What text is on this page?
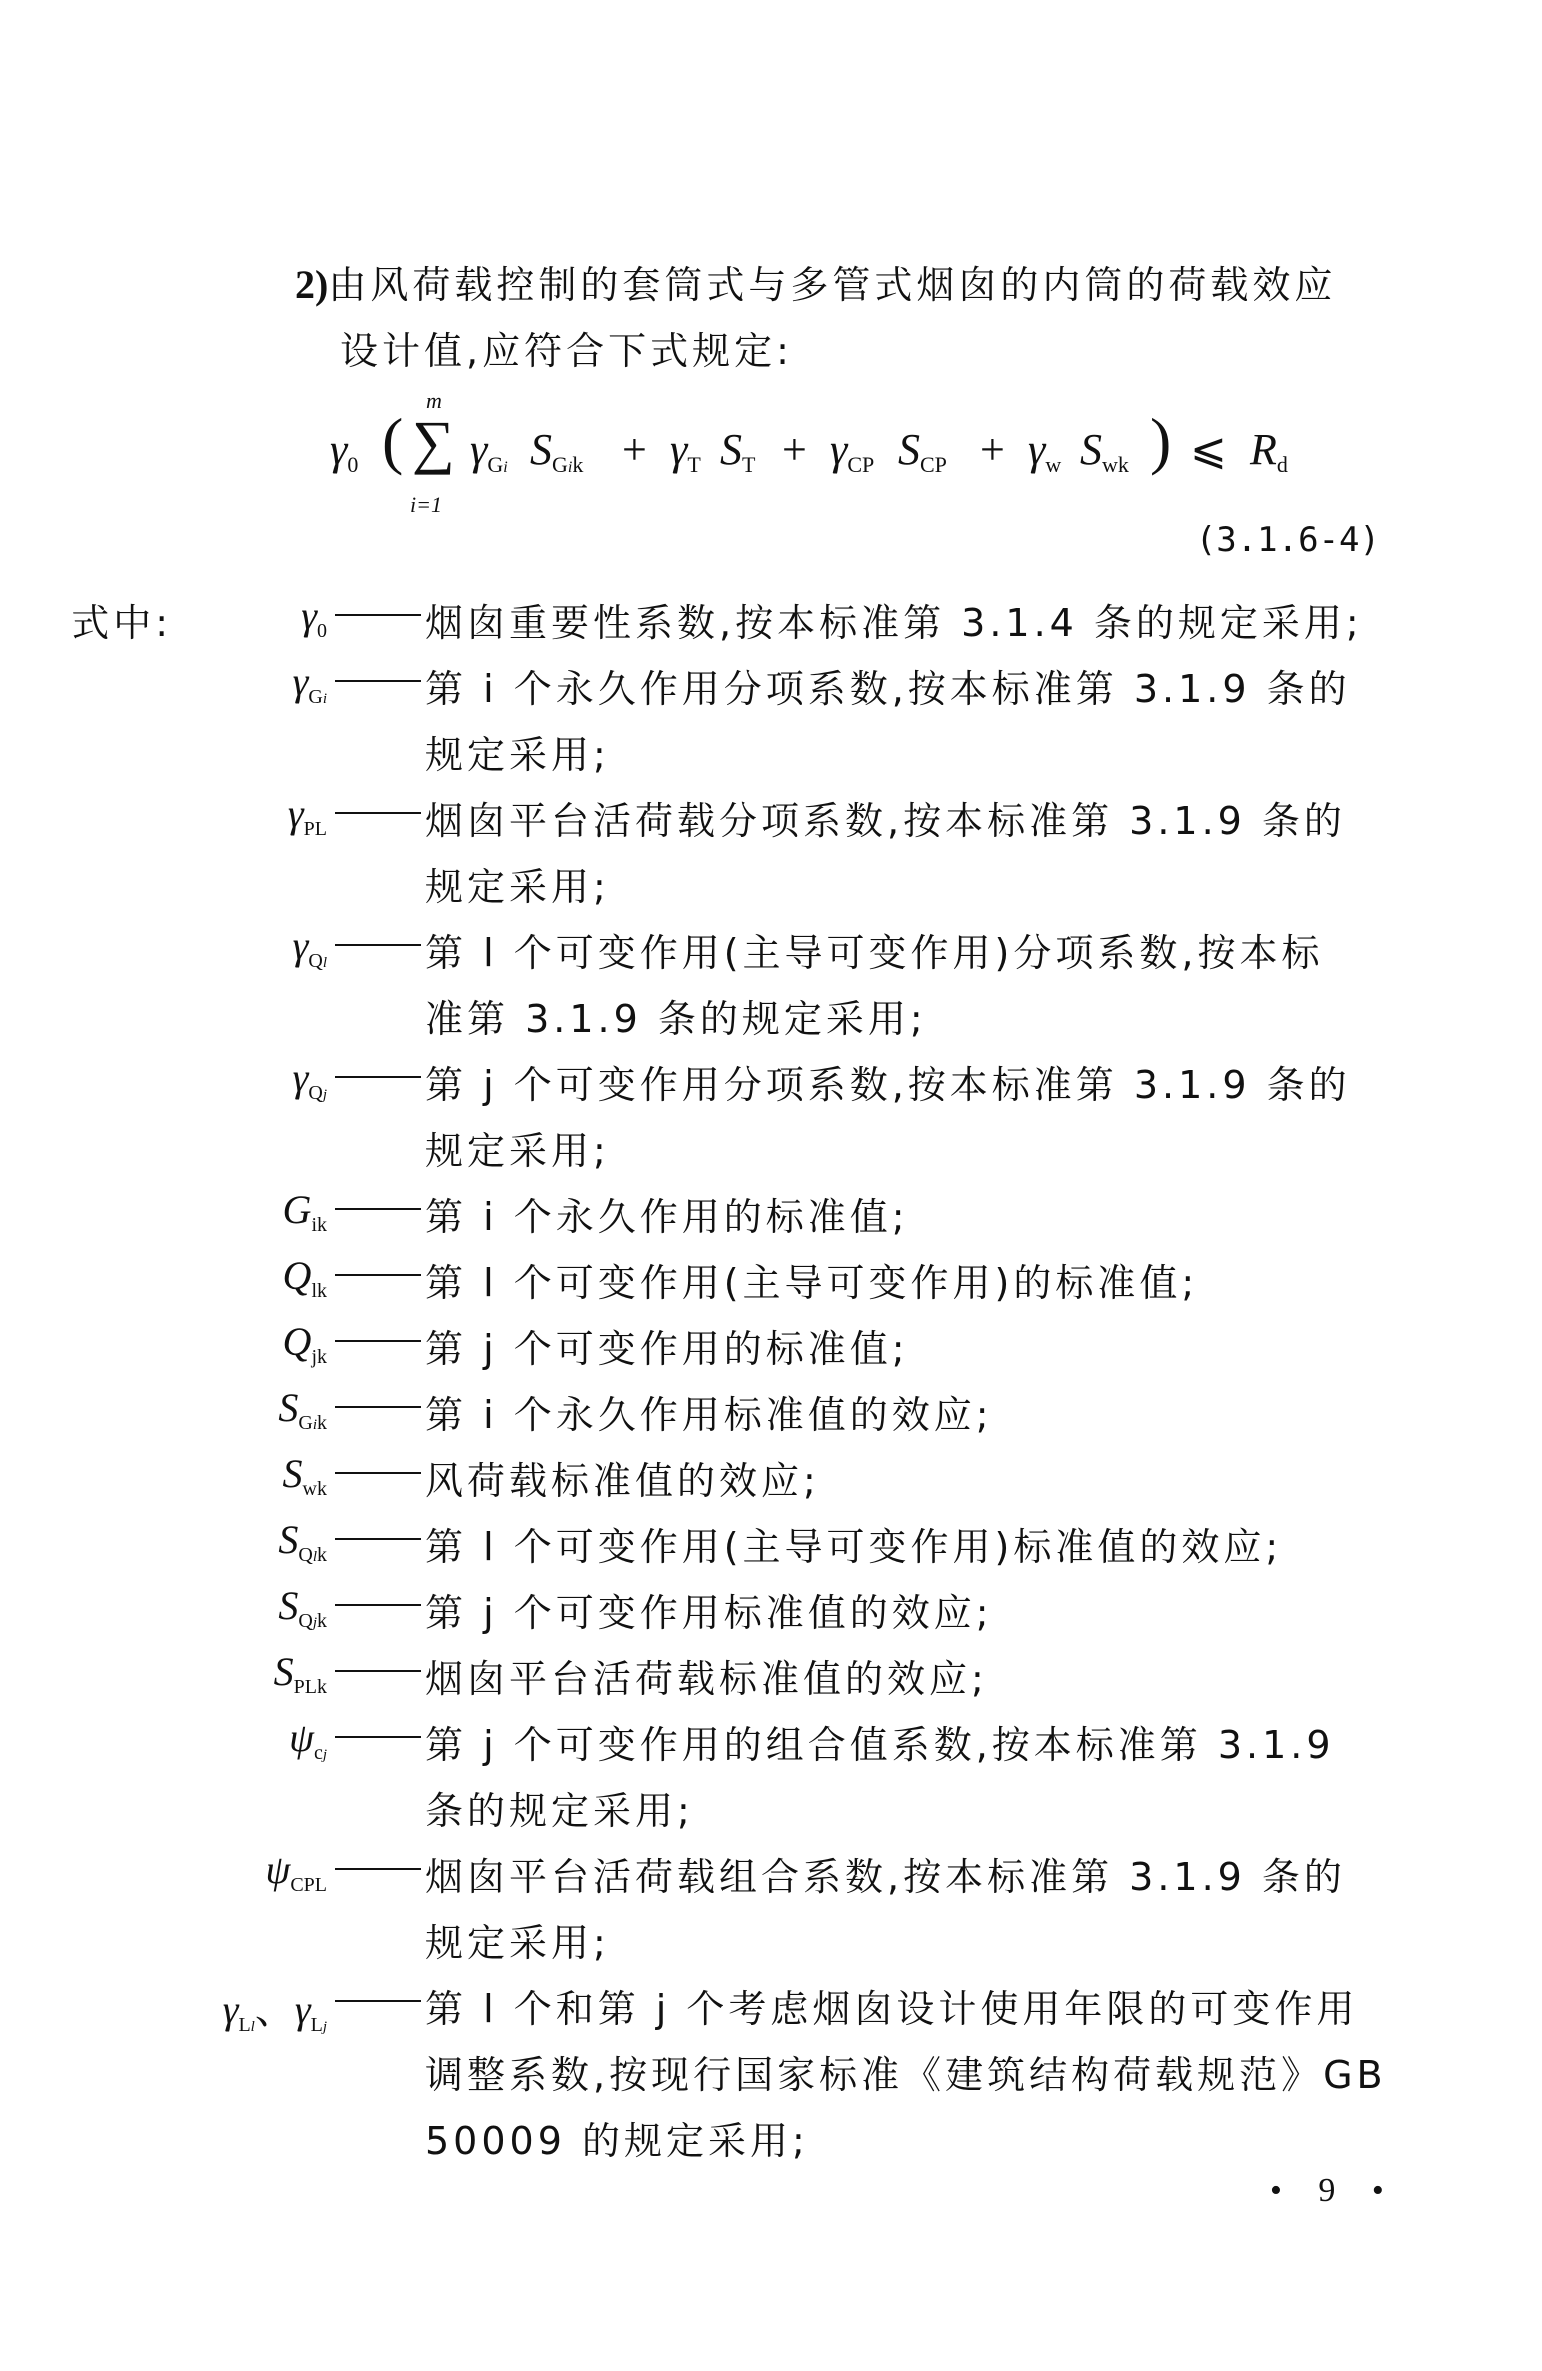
2)由风荷载控制的套筒式与多管式烟囱的内筒的荷载效应
设计值,应符合下式规定:
$\gamma_0$ (
m
∑
i=1
$\gamma_{Gi}$ $S_{Gik} + \gamma_T$ $S_T + \gamma_{CP}$ $S_{CP} + \gamma_w$ $S_{wk}$ ) ⩽ $R_d$
(3.1.6-4)
式中:	$\gamma_0$	烟囱重要性系数,按本标准第 3.1.4 条的规定采用;
$\gamma_{Gi}$	第 i 个永久作用分项系数,按本标准第 3.1.9 条的
规定采用;
$\gamma_{PL}$	烟囱平台活荷载分项系数,按本标准第 3.1.9 条的
规定采用;
$\gamma_{Ql}$	第 l 个可变作用(主导可变作用)分项系数,按本标
准第 3.1.9 条的规定采用;
$\gamma_{Qj}$	第 j 个可变作用分项系数,按本标准第 3.1.9 条的
规定采用;
$G_{ik}$	第 i 个永久作用的标准值;
$Q_{lk}$	第 l 个可变作用(主导可变作用)的标准值;
$Q_{jk}$	第 j 个可变作用的标准值;
$S_{Gik}$	第 i 个永久作用标准值的效应;
$S_{wk}$	风荷载标准值的效应;
$S_{Qlk}$	第 l 个可变作用(主导可变作用)标准值的效应;
$S_{Qjk}$	第 j 个可变作用标准值的效应;
$S_{PLk}$	烟囱平台活荷载标准值的效应;
$\psi_{cj}$	第 j 个可变作用的组合值系数,按本标准第 3.1.9
条的规定采用;
$\psi_{CPL}$	烟囱平台活荷载组合系数,按本标准第 3.1.9 条的
规定采用;
$\gamma_{Ll}$、$\gamma_{Lj}$	第 l 个和第 j 个考虑烟囱设计使用年限的可变作用
调整系数,按现行国家标准《建筑结构荷载规范》GB
50009 的规定采用;
• 9 •
